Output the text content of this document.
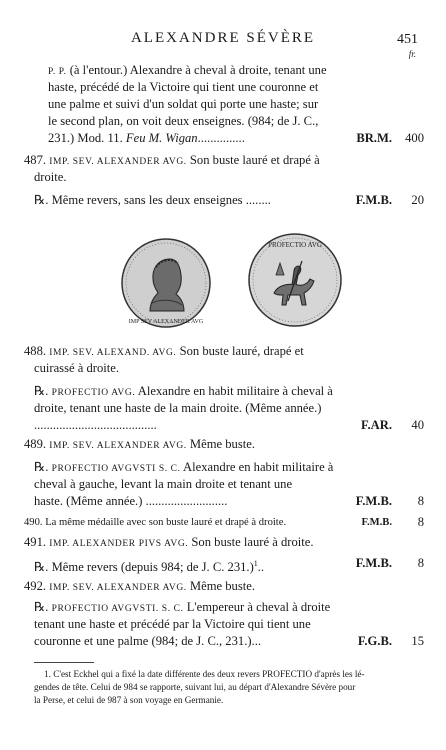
ALEXANDRE SÉVÈRE	451
fr.
P. P. (à l'entour.) Alexandre à cheval à droite, tenant une
haste, précédé de la Victoire qui tient une couronne et
une palme et suivi d'un soldat qui porte une haste; sur
le second plan, on voit deux enseignes. (984; de J. C.,
231.) Mod. 11. Feu M. Wigan...............	BR.M. 400
487. IMP. SEV. ALEXANDER AVG. Son buste lauré et drapé à
droite.
℞. Même revers, sans les deux enseignes ........	F.M.B. 20
IMP SEV ALEXANDER AVG
PROFECTIO AVG
488. IMP. SEV. ALEXAND. AVG. Son buste lauré, drapé et
cuirassé à droite.
℞. PROFECTIO AVG. Alexandre en habit militaire à cheval à
droite, tenant une haste de la main droite. (Même année.)
.......................................	F.AR. 40
489. IMP. SEV. ALEXANDER AVG. Même buste.
℞. PROFECTIO AVGVSTI S. C. Alexandre en habit militaire à
cheval à gauche, levant la main droite et tenant une
haste. (Même année.) ..........................	F.M.B. 8
490. La même médaille avec son buste lauré et drapé à droite.	F.M.B. 8
491. IMP. ALEXANDER PIVS AVG. Son buste lauré à droite.
℞. Même revers (depuis 984; de J. C. 231.)$^1$..	F.M.B. 8
492. IMP. SEV. ALEXANDER AVG. Même buste.
℞. PROFECTIO AVGVSTI. S. C. L'empereur à cheval à droite
tenant une haste et précédé par la Victoire qui tient une
couronne et une palme (984; de J. C., 231.)...	F.G.B. 15
1. C'est Eckhel qui a fixé la date différente des deux revers PROFECTIO d'après les lé-
gendes de tête. Celui de 984 se rapporte, suivant lui, au départ d'Alexandre Sévère pour
la Perse, et celui de 987 à son voyage en Germanie.
